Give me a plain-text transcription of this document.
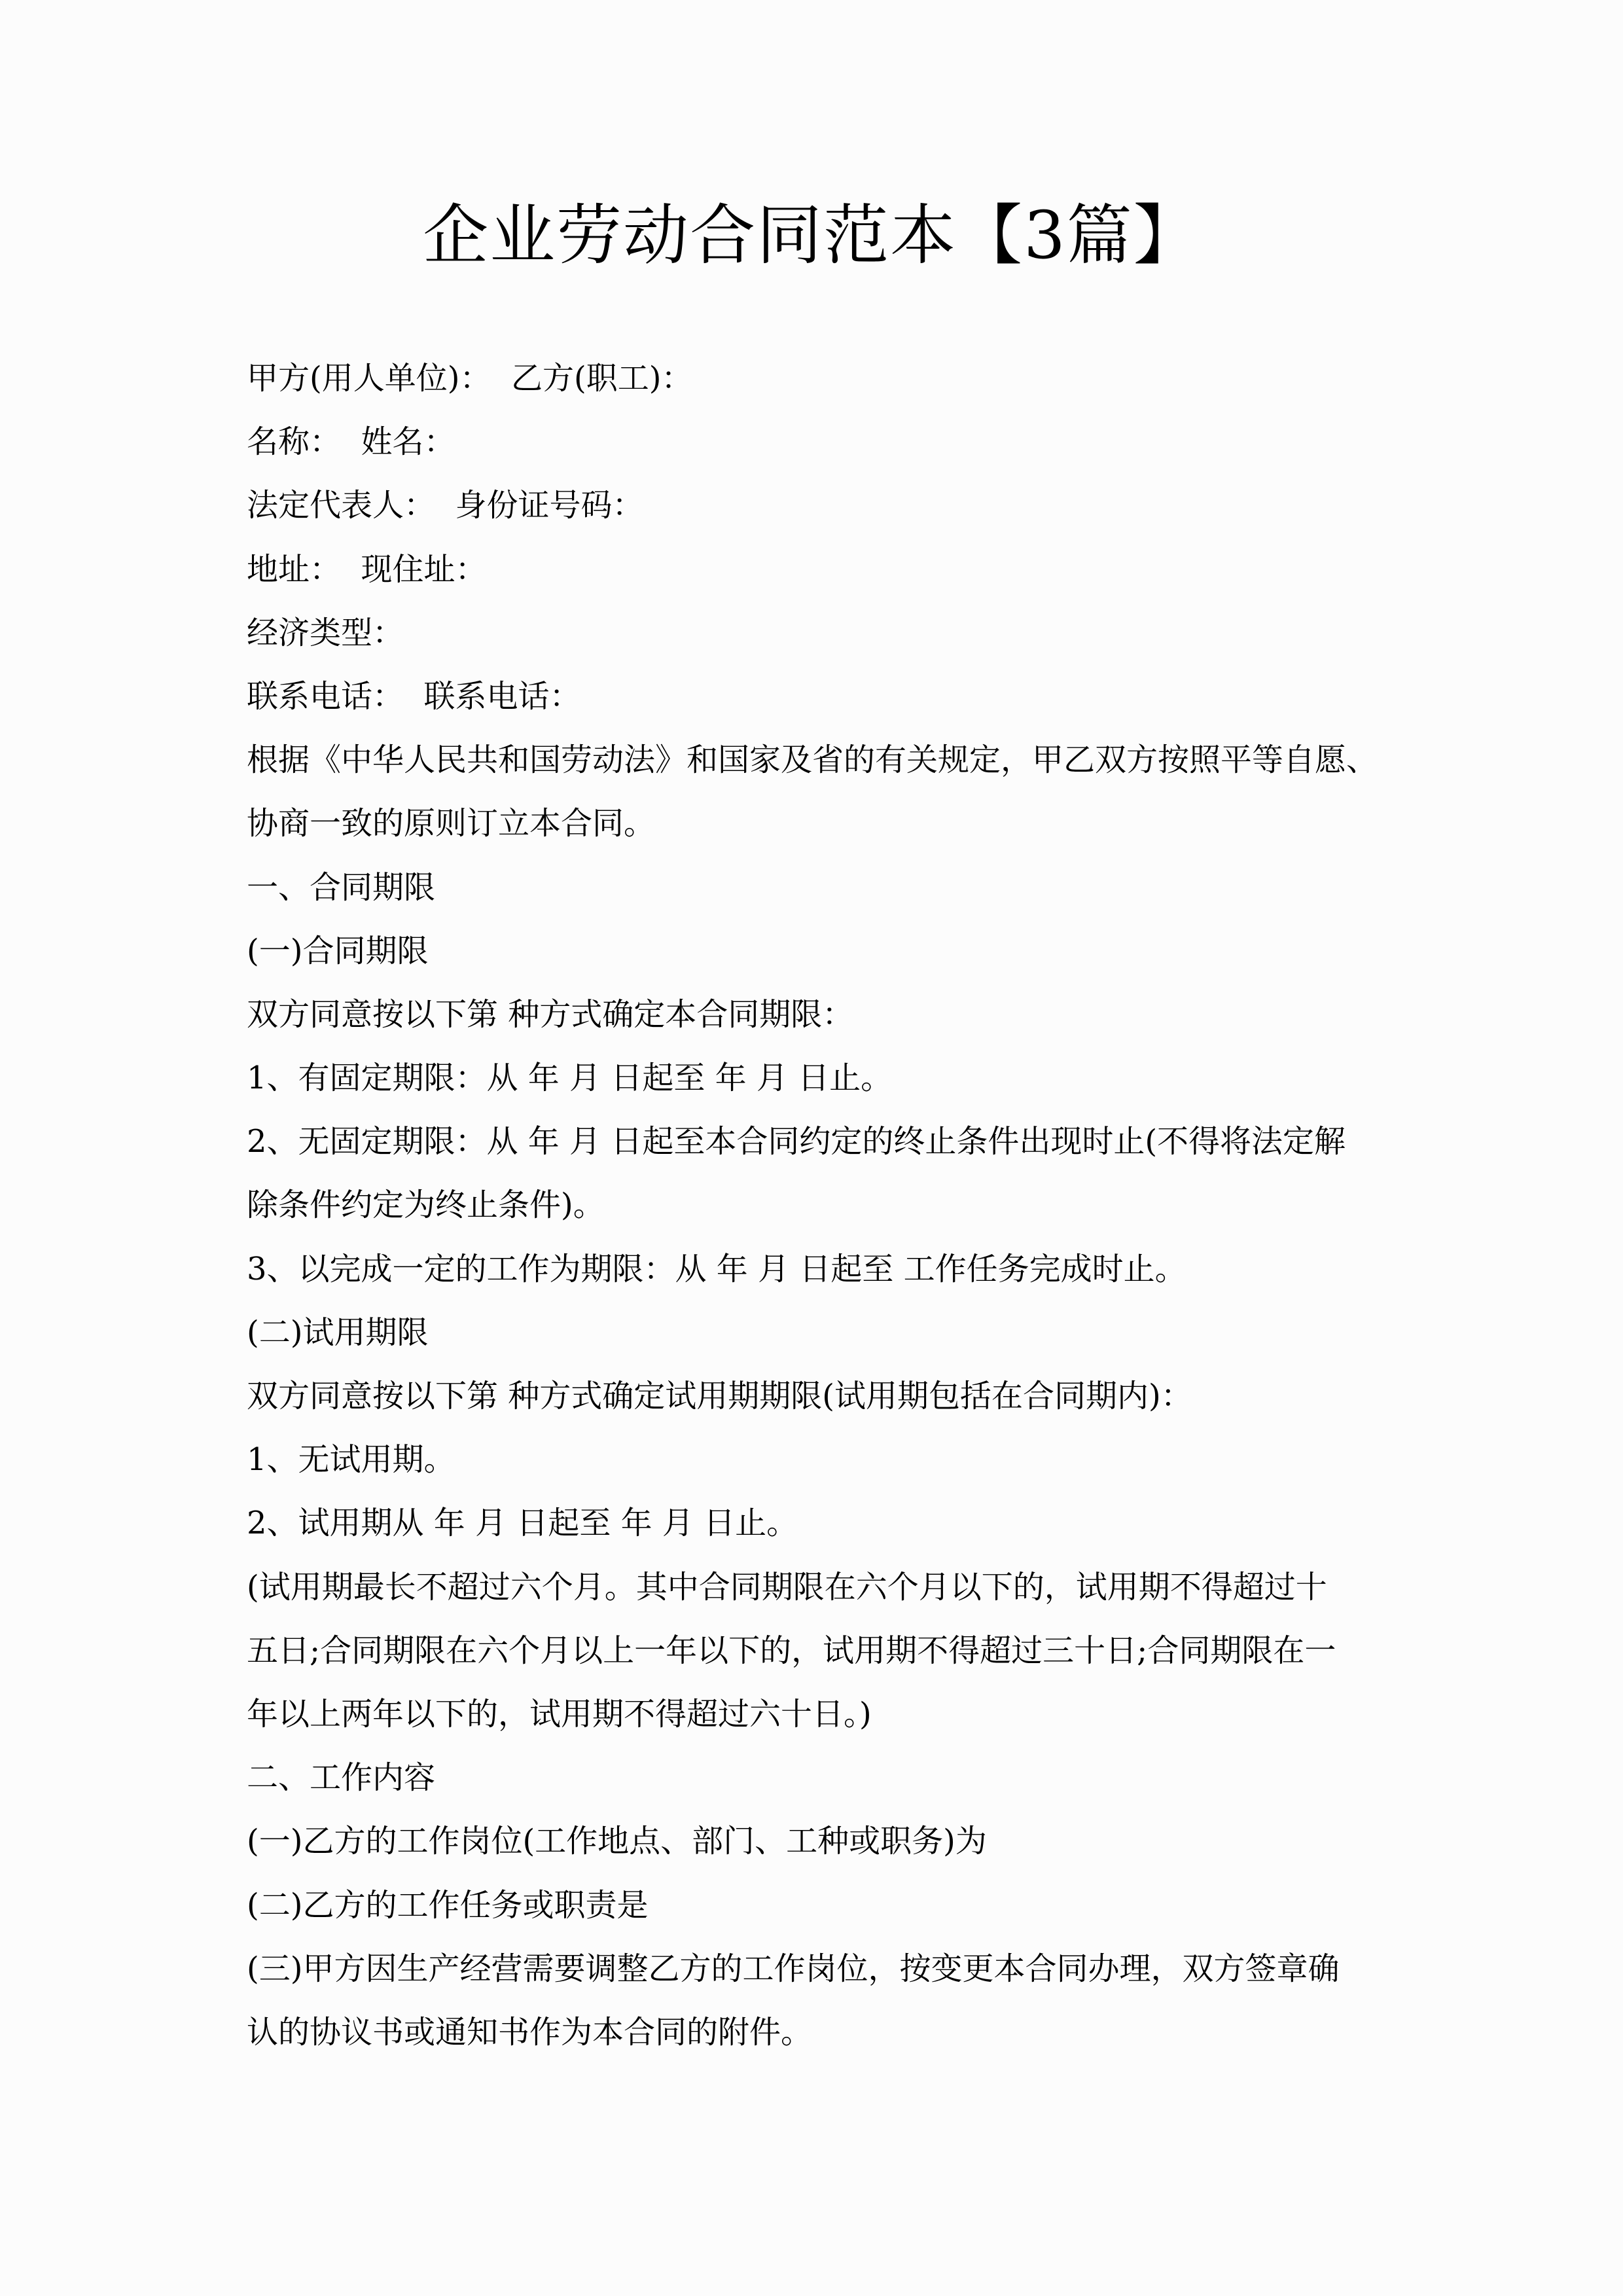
企业劳动合同范本【3篇】

甲方(用人单位)：  乙方(职工)：

名称：  姓名：

法定代表人：  身份证号码：

地址：  现住址：

经济类型：

联系电话：  联系电话：

根据《中华人民共和国劳动法》和国家及省的有关规定，甲乙双方按照平等自愿、

协商一致的原则订立本合同。

一、合同期限

(一)合同期限

双方同意按以下第 种方式确定本合同期限：

1、有固定期限：从 年 月 日起至 年 月 日止。

2、无固定期限：从 年 月 日起至本合同约定的终止条件出现时止(不得将法定解

除条件约定为终止条件)。

3、以完成一定的工作为期限：从 年 月 日起至 工作任务完成时止。

(二)试用期限

双方同意按以下第 种方式确定试用期期限(试用期包括在合同期内)：

1、无试用期。

2、试用期从 年 月 日起至 年 月 日止。

(试用期最长不超过六个月。其中合同期限在六个月以下的，试用期不得超过十

五日;合同期限在六个月以上一年以下的，试用期不得超过三十日;合同期限在一

年以上两年以下的，试用期不得超过六十日。)

二、工作内容

(一)乙方的工作岗位(工作地点、部门、工种或职务)为

(二)乙方的工作任务或职责是

(三)甲方因生产经营需要调整乙方的工作岗位，按变更本合同办理，双方签章确

认的协议书或通知书作为本合同的附件。
